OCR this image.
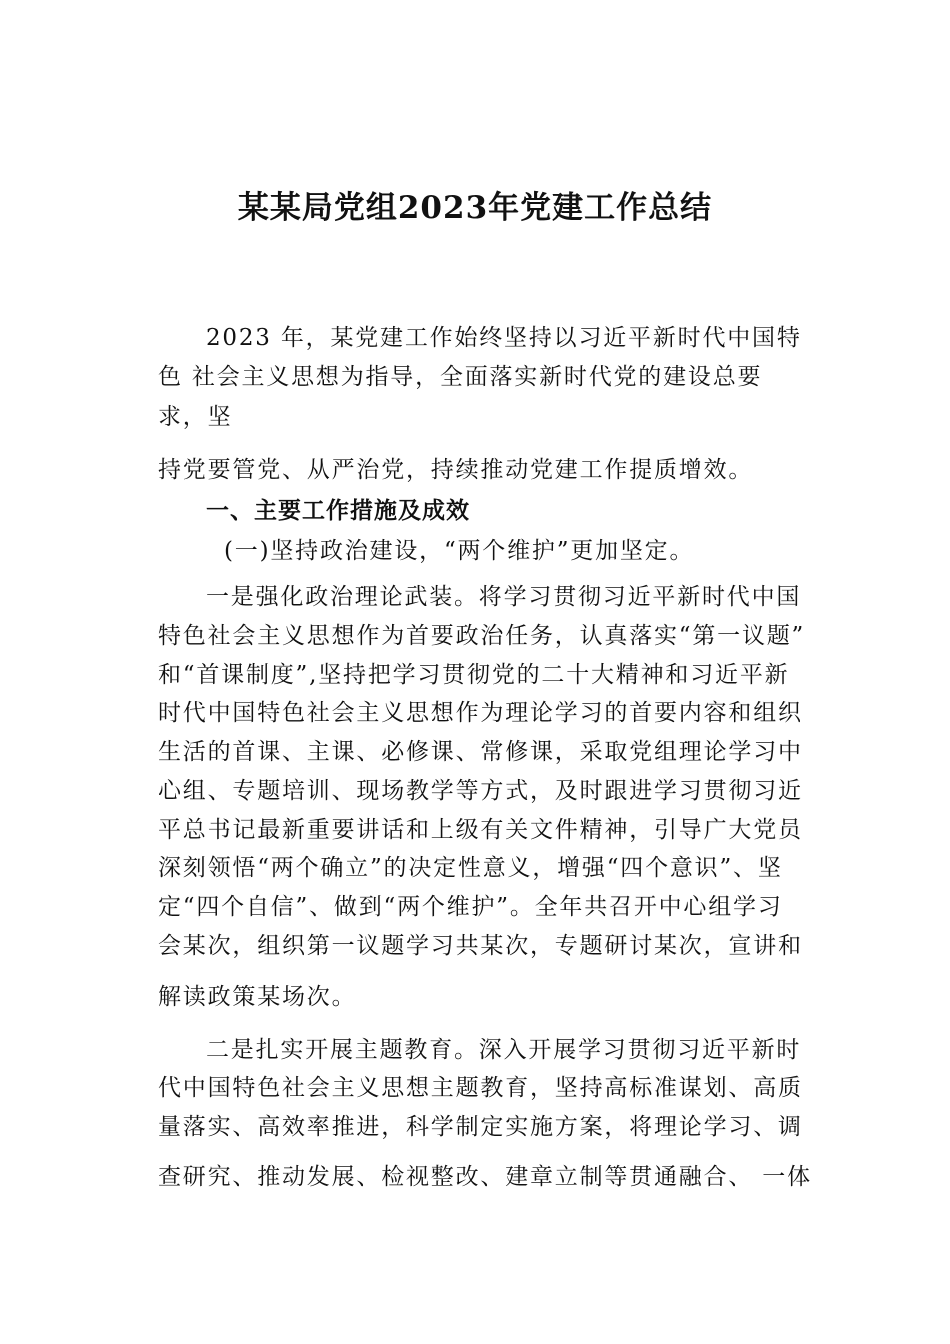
某某局党组2023年党建工作总结
2023 年，某党建工作始终坚持以习近平新时代中国特
色 社会主义思想为指导，全面落实新时代党的建设总要
求，坚
持党要管党、从严治党，持续推动党建工作提质增效。
一、主要工作措施及成效
(一)坚持政治建设，“两个维护”更加坚定。
一是强化政治理论武装。将学习贯彻习近平新时代中国
特色社会主义思想作为首要政治任务，认真落实“第一议题”
和“首课制度”,坚持把学习贯彻党的二十大精神和习近平新
时代中国特色社会主义思想作为理论学习的首要内容和组织
生活的首课、主课、必修课、常修课，采取党组理论学习中
心组、专题培训、现场教学等方式，及时跟进学习贯彻习近
平总书记最新重要讲话和上级有关文件精神，引导广大党员
深刻领悟“两个确立”的决定性意义，增强“四个意识”、坚
定“四个自信”、做到“两个维护”。全年共召开中心组学习
会某次，组织第一议题学习共某次，专题研讨某次，宣讲和
解读政策某场次。
二是扎实开展主题教育。深入开展学习贯彻习近平新时
代中国特色社会主义思想主题教育，坚持高标准谋划、高质
量落实、高效率推进，科学制定实施方案，将理论学习、调
查研究、推动发展、检视整改、建章立制等贯通融合、 一体
